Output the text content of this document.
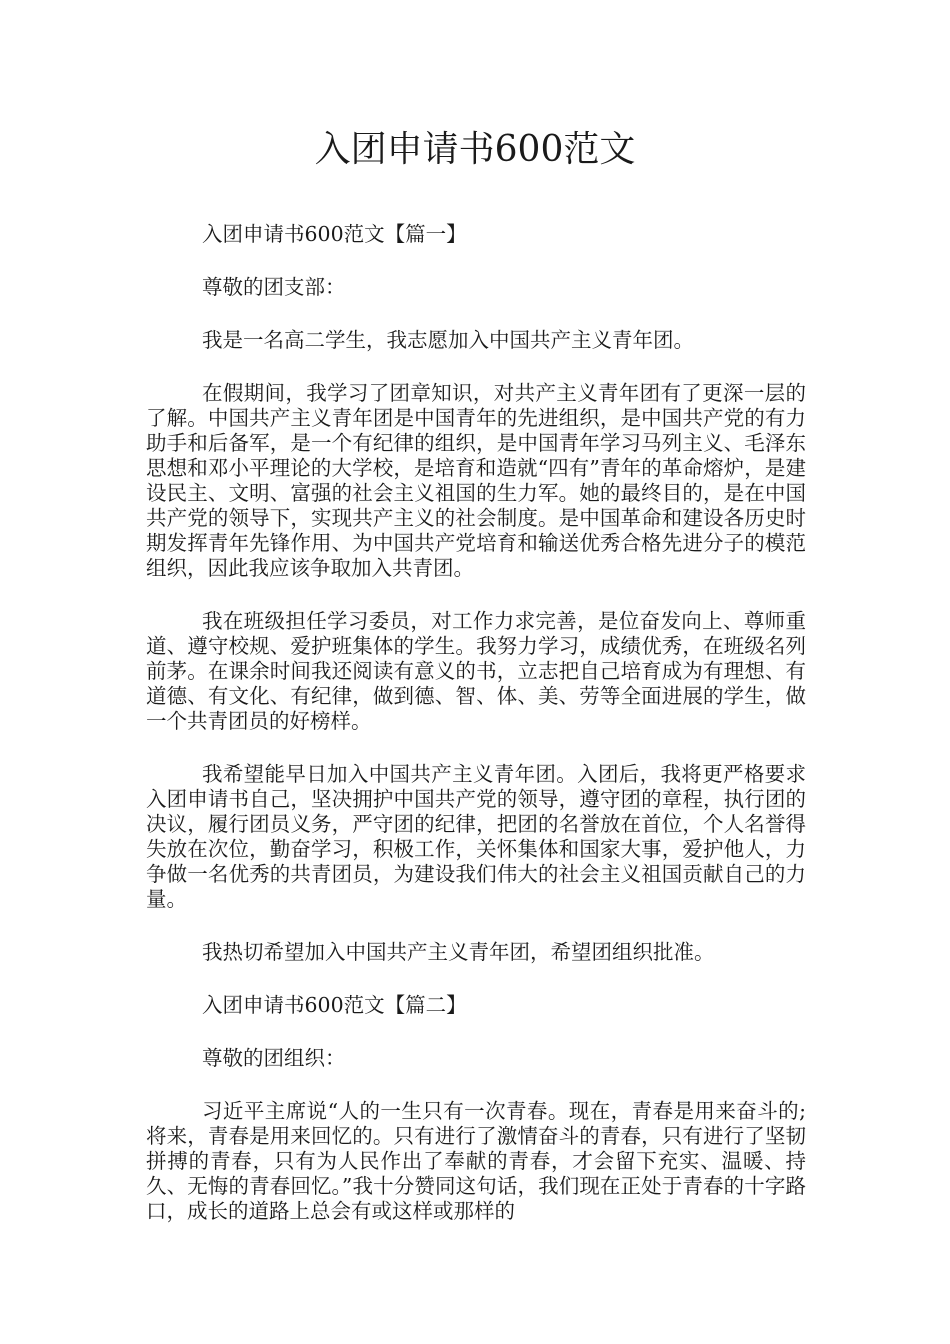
入团申请书600范文

入团申请书600范文【篇一】

尊敬的团支部：

我是一名高二学生，我志愿加入中国共产主义青年团。

在假期间，我学习了团章知识，对共产主义青年团有了更深一层的了解。中国共产主义青年团是中国青年的先进组织，是中国共产党的有力助手和后备军，是一个有纪律的组织，是中国青年学习马列主义、毛泽东思想和邓小平理论的大学校，是培育和造就“四有”青年的革命熔炉，是建设民主、文明、富强的社会主义祖国的生力军。她的最终目的，是在中国共产党的领导下，实现共产主义的社会制度。是中国革命和建设各历史时期发挥青年先锋作用、为中国共产党培育和输送优秀合格先进分子的模范组织，因此我应该争取加入共青团。

我在班级担任学习委员，对工作力求完善，是位奋发向上、尊师重道、遵守校规、爱护班集体的学生。我努力学习，成绩优秀，在班级名列前茅。在课余时间我还阅读有意义的书，立志把自己培育成为有理想、有道德、有文化、有纪律，做到德、智、体、美、劳等全面进展的学生，做一个共青团员的好榜样。

我希望能早日加入中国共产主义青年团。入团后，我将更严格要求入团申请书自己，坚决拥护中国共产党的领导，遵守团的章程，执行团的决议，履行团员义务，严守团的纪律，把团的名誉放在首位，个人名誉得失放在次位，勤奋学习，积极工作，关怀集体和国家大事，爱护他人，力争做一名优秀的共青团员，为建设我们伟大的社会主义祖国贡献自己的力量。

我热切希望加入中国共产主义青年团，希望团组织批准。

入团申请书600范文【篇二】

尊敬的团组织：

习近平主席说“人的一生只有一次青春。现在，青春是用来奋斗的;将来，青春是用来回忆的。只有进行了激情奋斗的青春，只有进行了坚韧拼搏的青春，只有为人民作出了奉献的青春，才会留下充实、温暖、持久、无悔的青春回忆。”我十分赞同这句话，我们现在正处于青春的十字路口，成长的道路上总会有或这样或那样的
